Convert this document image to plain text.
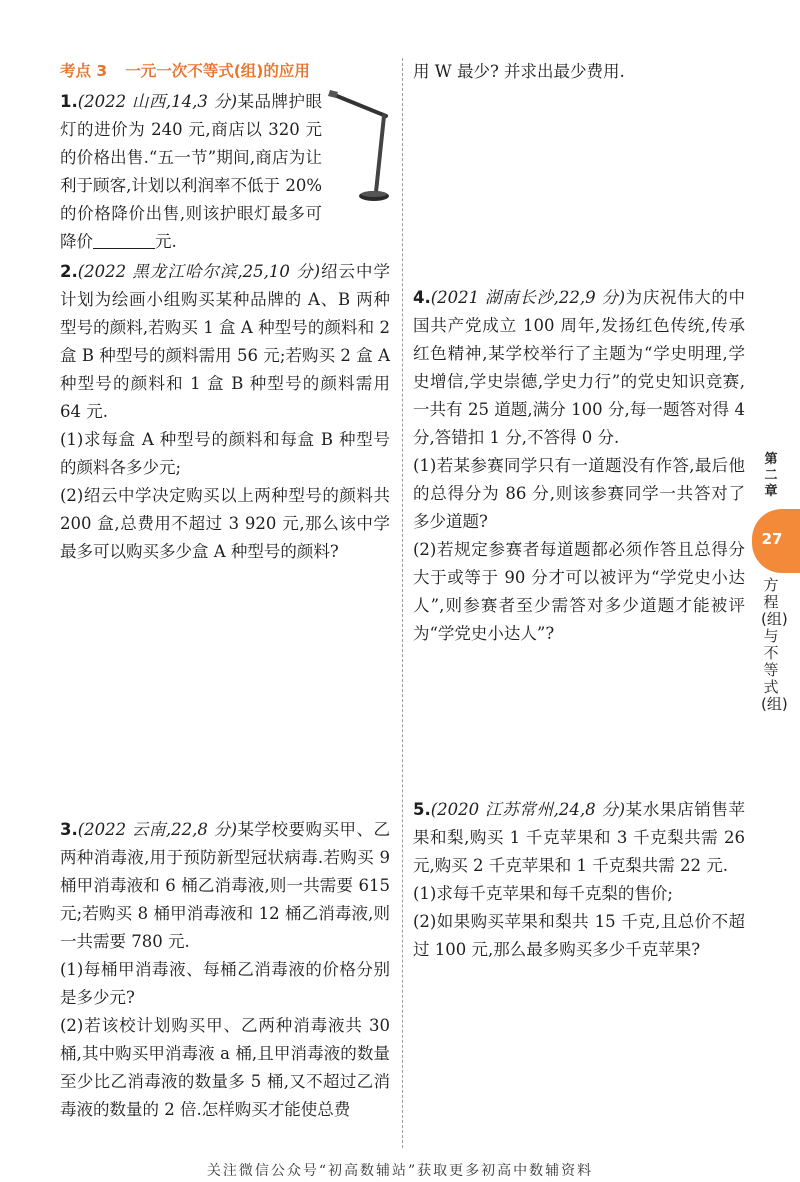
考点 3 一元一次不等式(组)的应用
1.(2022 山西,14,3 分)某品牌护眼灯的进价为 240 元,商店以 320 元的价格出售.“五一节”期间,商店为让利于顾客,计划以利润率不低于 20%的价格降价出售,则该护眼灯最多可降价	元.
2.(2022 黑龙江哈尔滨,25,10 分)绍云中学计划为绘画小组购买某种品牌的 A、B 两种型号的颜料,若购买 1 盒 A 种型号的颜料和 2 盒 B 种型号的颜料需用 56 元;若购买 2 盒 A 种型号的颜料和 1 盒 B 种型号的颜料需用 64 元.

(1)求每盒 A 种型号的颜料和每盒 B 种型号的颜料各多少元;

(2)绍云中学决定购买以上两种型号的颜料共 200 盒,总费用不超过 3 920 元,那么该中学最多可以购买多少盒 A 种型号的颜料?

3.(2022 云南,22,8 分)某学校要购买甲、乙两种消毒液,用于预防新型冠状病毒.若购买 9 桶甲消毒液和 6 桶乙消毒液,则一共需要 615 元;若购买 8 桶甲消毒液和 12 桶乙消毒液,则一共需要 780 元.

(1)每桶甲消毒液、每桶乙消毒液的价格分别是多少元?

(2)若该校计划购买甲、乙两种消毒液共 30 桶,其中购买甲消毒液 a 桶,且甲消毒液的数量至少比乙消毒液的数量多 5 桶,又不超过乙消毒液的数量的 2 倍.怎样购买才能使总费

用 W 最少? 并求出最少费用.

4.(2021 湖南长沙,22,9 分)为庆祝伟大的中国共产党成立 100 周年,发扬红色传统,传承红色精神,某学校举行了主题为“学史明理,学史增信,学史崇德,学史力行”的党史知识竞赛,一共有 25 道题,满分 100 分,每一题答对得 4 分,答错扣 1 分,不答得 0 分.

(1)若某参赛同学只有一道题没有作答,最后他的总得分为 86 分,则该参赛同学一共答对了多少道题?

(2)若规定参赛者每道题都必须作答且总得分大于或等于 90 分才可以被评为“学党史小达人”,则参赛者至少需答对多少道题才能被评为“学党史小达人”?

5.(2020 江苏常州,24,8 分)某水果店销售苹果和梨,购买 1 千克苹果和 3 千克梨共需 26 元,购买 2 千克苹果和 1 千克梨共需 22 元.

(1)求每千克苹果和每千克梨的售价;

(2)如果购买苹果和梨共 15 千克,且总价不超过 100 元,那么最多购买多少千克苹果?

第二章
27
方程(组)与不等式(组)
关注微信公众号“初高数辅站”获取更多初高中数辅资料
